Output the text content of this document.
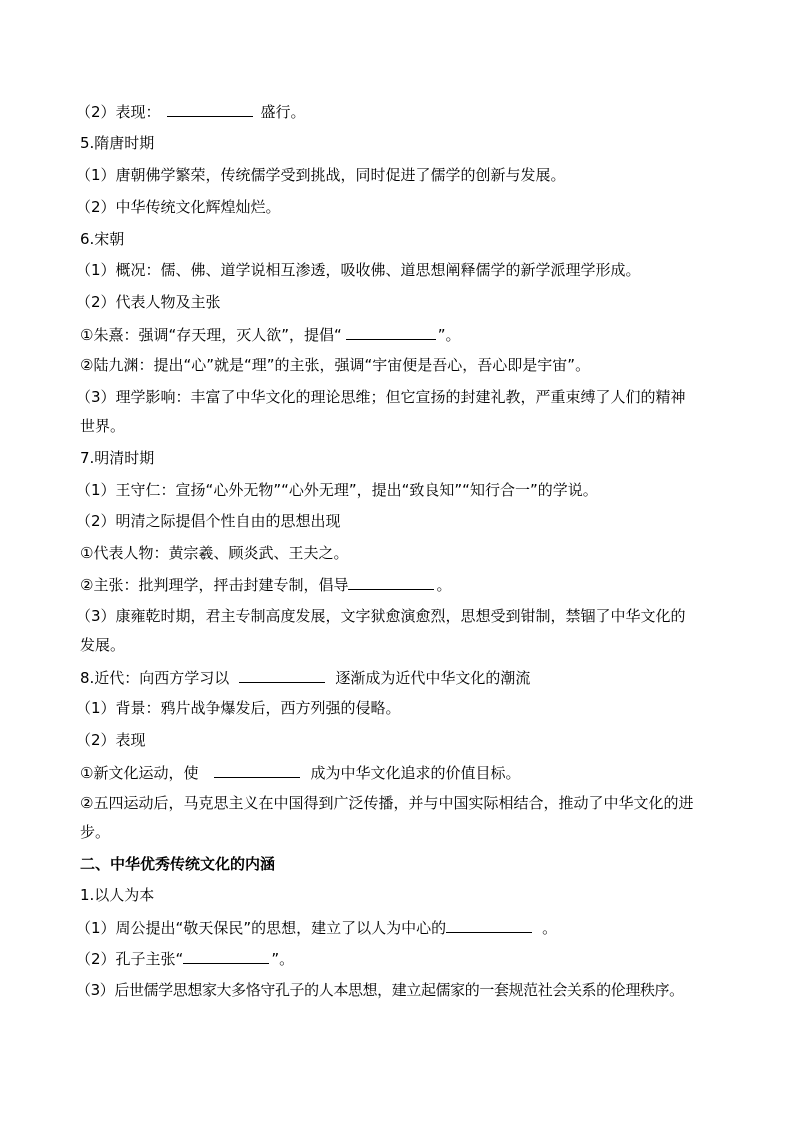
（2）表现：	盛行。
5.隋唐时期
（1）唐朝佛学繁荣，传统儒学受到挑战，同时促进了儒学的创新与发展。
（2）中华传统文化辉煌灿烂。
6.宋朝
（1）概况：儒、佛、道学说相互渗透，吸收佛、道思想阐释儒学的新学派理学形成。
（2）代表人物及主张
①朱熹：强调“存天理，灭人欲”，提倡“	”。
②陆九渊：提出“心”就是“理”的主张，强调“宇宙便是吾心，吾心即是宇宙”。
（3）理学影响：丰富了中华文化的理论思维；但它宣扬的封建礼教，严重束缚了人们的精神
世界。
7.明清时期
（1）王守仁：宣扬“心外无物”“心外无理”，提出“致良知”“知行合一”的学说。
（2）明清之际提倡个性自由的思想出现
①代表人物：黄宗羲、顾炎武、王夫之。
②主张：批判理学，抨击封建专制，倡导	。
（3）康雍乾时期，君主专制高度发展，文字狱愈演愈烈，思想受到钳制，禁锢了中华文化的
发展。
8.近代：向西方学习以	逐渐成为近代中华文化的潮流
（1）背景：鸦片战争爆发后，西方列强的侵略。
（2）表现
①新文化运动，使	成为中华文化追求的价值目标。
②五四运动后，马克思主义在中国得到广泛传播，并与中国实际相结合，推动了中华文化的进
步。
二、中华优秀传统文化的内涵
1.以人为本
（1）周公提出“敬天保民”的思想，建立了以人为中心的	。
（2）孔子主张“	”。
（3）后世儒学思想家大多恪守孔子的人本思想，建立起儒家的一套规范社会关系的伦理秩序。
